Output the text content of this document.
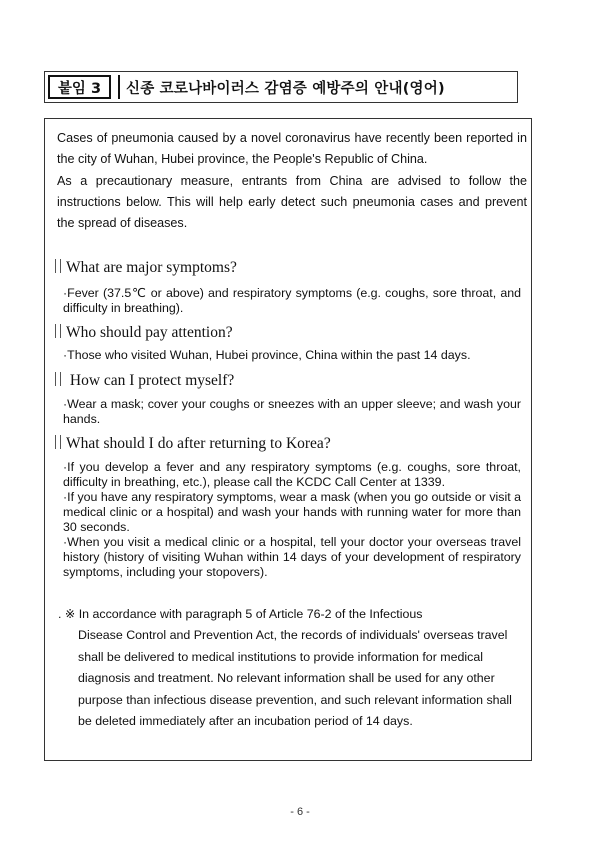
붙임 3	신종 코로나바이러스 감염증 예방주의 안내(영어)

Cases of pneumonia caused by a novel coronavirus have recently been reported in the city of Wuhan, Hubei province, the People's Republic of China.

As a precautionary measure, entrants from China are advised to follow the instructions below. This will help early detect such pneumonia cases and prevent the spread of diseases.

What are major symptoms?

·Fever (37.5℃ or above) and respiratory symptoms (e.g. coughs, sore throat, and difficulty in breathing).

Who should pay attention?

·Those who visited Wuhan, Hubei province, China within the past 14 days.

How can I protect myself?

·Wear a mask; cover your coughs or sneezes with an upper sleeve; and wash your hands.

What should I do after returning to Korea?

·If you develop a fever and any respiratory symptoms (e.g. coughs, sore throat, difficulty in breathing, etc.), please call the KCDC Call Center at 1339.

·If you have any respiratory symptoms, wear a mask (when you go outside or visit a medical clinic or a hospital) and wash your hands with running water for more than 30 seconds.

·When you visit a medical clinic or a hospital, tell your doctor your overseas travel history (history of visiting Wuhan within 14 days of your development of respiratory symptoms, including your stopovers).

. ※ In accordance with paragraph 5 of Article 76-2 of the Infectious
Disease Control and Prevention Act, the records of individuals' overseas travel shall be delivered to medical institutions to provide information for medical diagnosis and treatment. No relevant information shall be used for any other purpose than infectious disease prevention, and such relevant information shall be deleted immediately after an incubation period of 14 days.
- 6 -
